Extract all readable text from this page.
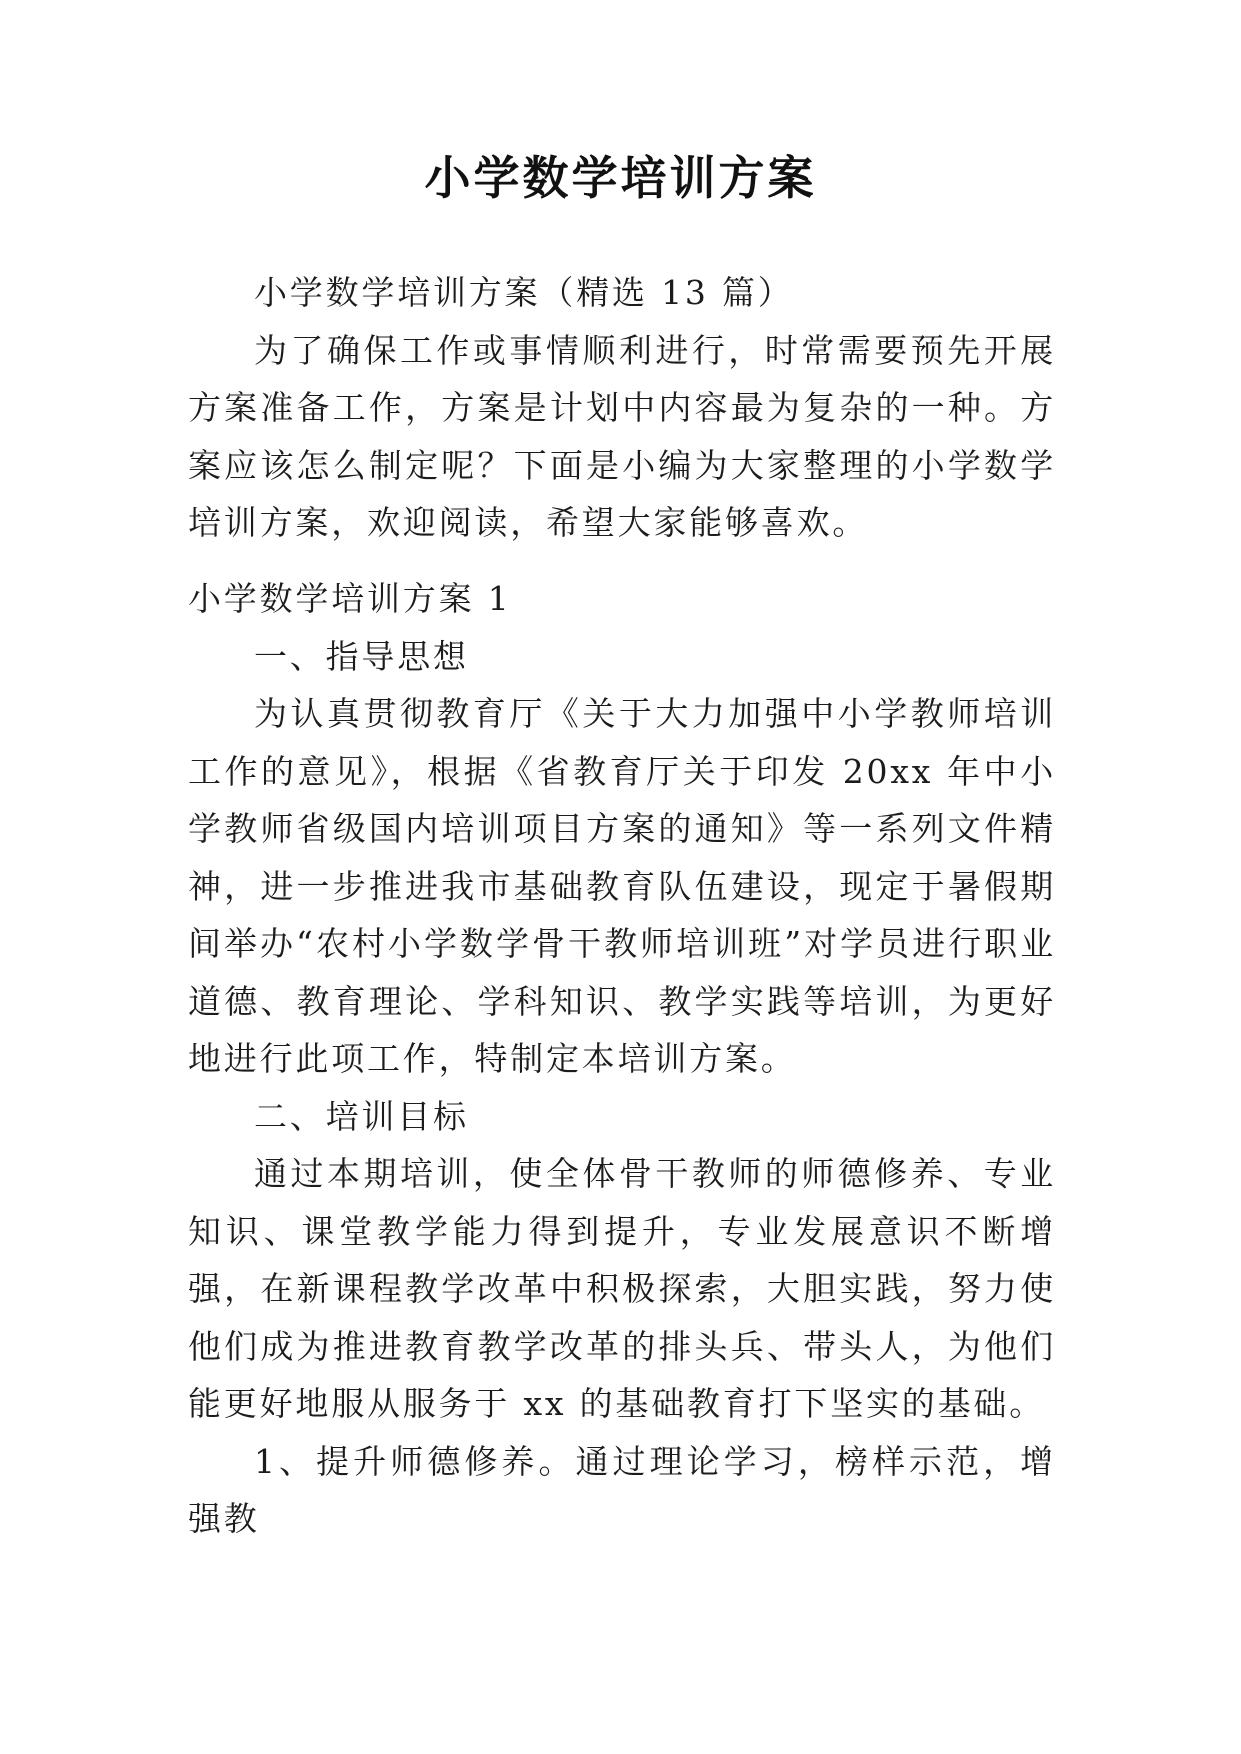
小学数学培训方案

小学数学培训方案（精选 13 篇）

为了确保工作或事情顺利进行，时常需要预先开展方案准备工作，方案是计划中内容最为复杂的一种。方案应该怎么制定呢？下面是小编为大家整理的小学数学培训方案，欢迎阅读，希望大家能够喜欢。

小学数学培训方案 1

一、指导思想

为认真贯彻教育厅《关于大力加强中小学教师培训工作的意见》，根据《省教育厅关于印发 20xx 年中小学教师省级国内培训项目方案的通知》等一系列文件精神，进一步推进我市基础教育队伍建设，现定于暑假期间举办“农村小学数学骨干教师培训班”对学员进行职业道德、教育理论、学科知识、教学实践等培训，为更好地进行此项工作，特制定本培训方案。

二、培训目标

通过本期培训，使全体骨干教师的师德修养、专业知识、课堂教学能力得到提升，专业发展意识不断增强，在新课程教学改革中积极探索，大胆实践，努力使他们成为推进教育教学改革的排头兵、带头人，为他们能更好地服从服务于 xx 的基础教育打下坚实的基础。

1、提升师德修养。通过理论学习，榜样示范，增强教
